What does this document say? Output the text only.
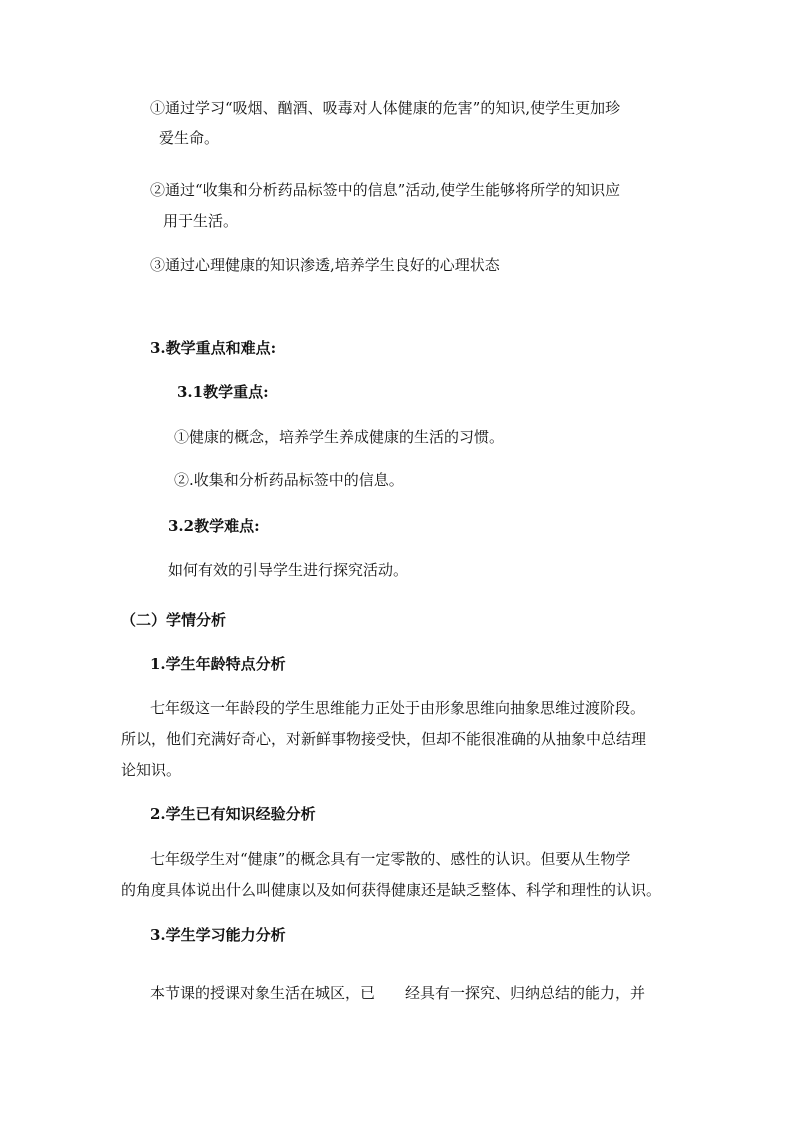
①通过学习“吸烟、酗酒、吸毒对人体健康的危害”的知识,使学生更加珍
爱生命。
②通过“收集和分析药品标签中的信息”活动,使学生能够将所学的知识应
用于生活。
③通过心理健康的知识渗透,培养学生良好的心理状态
3.教学重点和难点:
3.1教学重点:
①健康的概念，培养学生养成健康的生活的习惯。
②.收集和分析药品标签中的信息。
3.2教学难点:
如何有效的引导学生进行探究活动。
（二）学情分析
1.学生年龄特点分析
七年级这一年龄段的学生思维能力正处于由形象思维向抽象思维过渡阶段。
所以，他们充满好奇心，对新鲜事物接受快，但却不能很准确的从抽象中总结理
论知识。
2.学生已有知识经验分析
七年级学生对“健康”的概念具有一定零散的、感性的认识。但要从生物学
的角度具体说出什么叫健康以及如何获得健康还是缺乏整体、科学和理性的认识。
3.学生学习能力分析
本节课的授课对象生活在城区，已　　经具有一探究、归纳总结的能力，并
